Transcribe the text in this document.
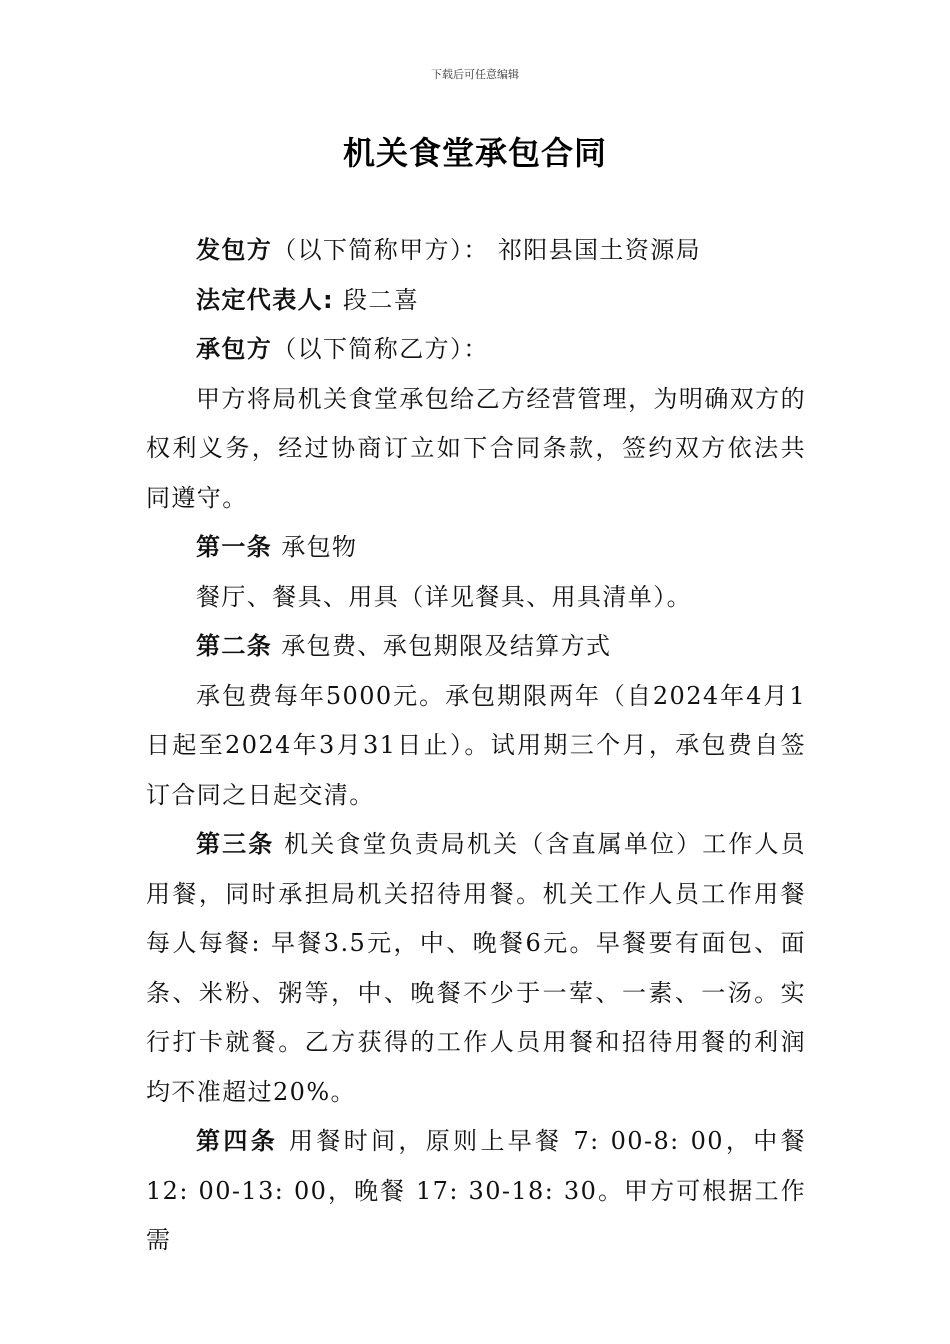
下载后可任意编辑
机关食堂承包合同

发包方（以下简称甲方）： 祁阳县国土资源局

法定代表人: 段二喜

承包方（以下简称乙方）：

甲方将局机关食堂承包给乙方经营管理，为明确双方的权利义务，经过协商订立如下合同条款，签约双方依法共同遵守。

第一条 承包物

餐厅、餐具、用具（详见餐具、用具清单）。

第二条 承包费、承包期限及结算方式

承包费每年5000元。承包期限两年（自2024年4月1日起至2024年3月31日止）。试用期三个月，承包费自签订合同之日起交清。

第三条 机关食堂负责局机关（含直属单位）工作人员用餐，同时承担局机关招待用餐。机关工作人员工作用餐每人每餐: 早餐3.5元，中、晚餐6元。早餐要有面包、面条、米粉、粥等，中、晚餐不少于一荤、一素、一汤。实行打卡就餐。乙方获得的工作人员用餐和招待用餐的利润均不准超过20%。

第四条 用餐时间，原则上早餐 7: 00-8: 00，中餐12: 00-13: 00，晚餐 17: 30-18: 30。甲方可根据工作需
